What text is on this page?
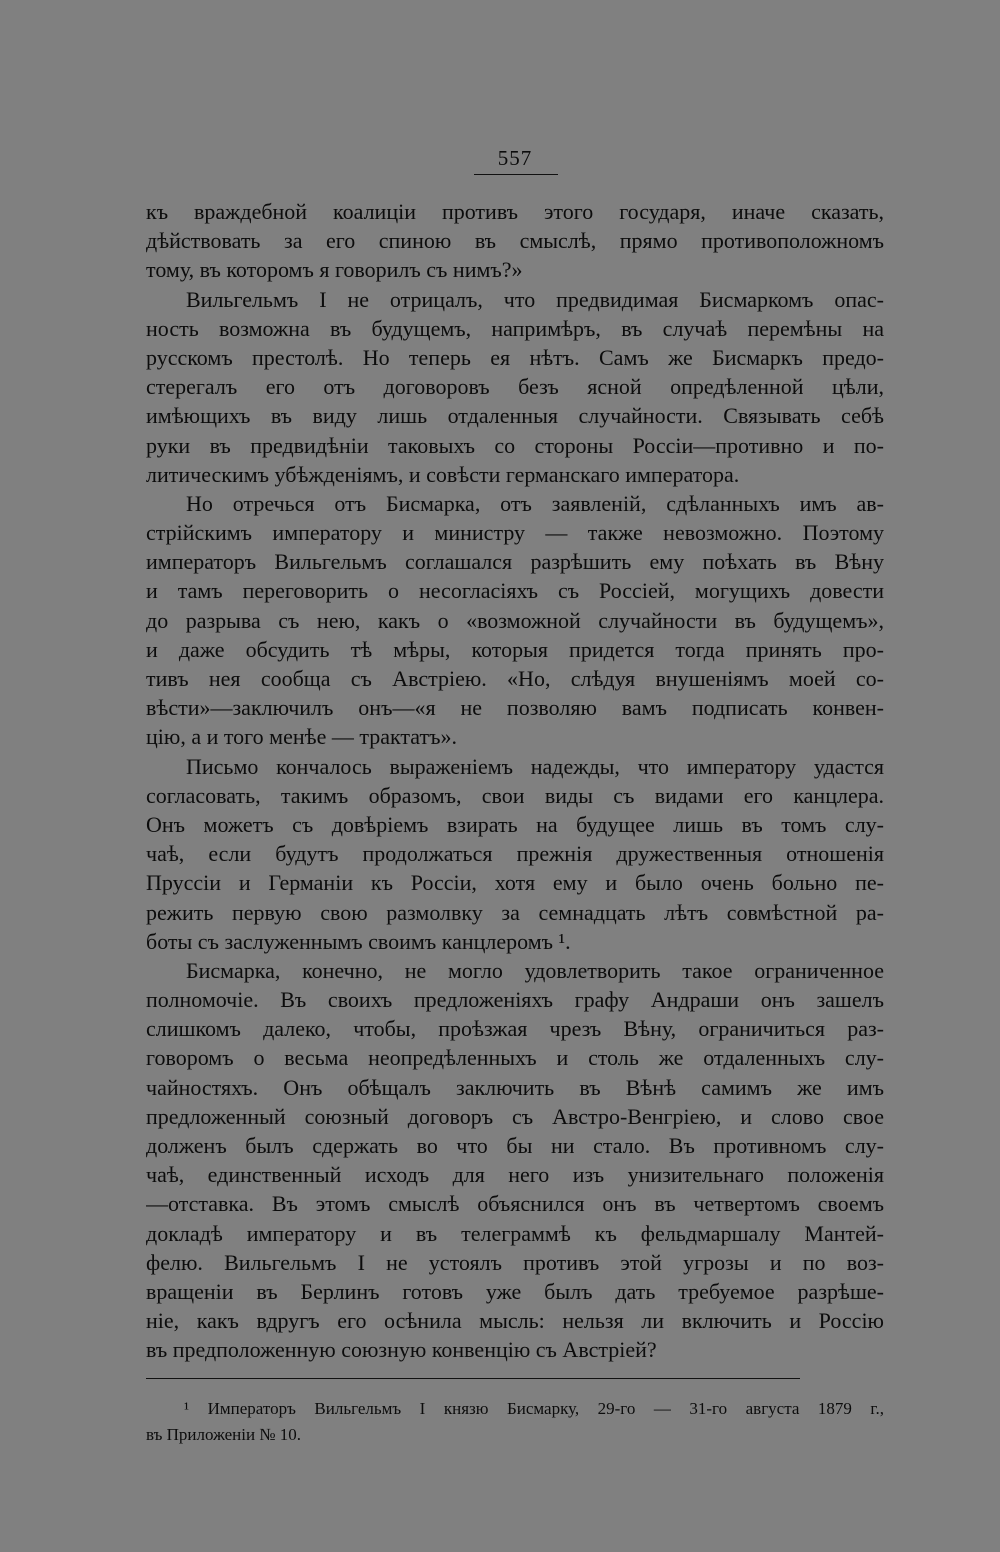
557
къ враждебной коалицiи противъ этого государя, иначе сказать,
дѣйствовать за его спиною въ смыслѣ, прямо противоположномъ
тому, въ которомъ я говорилъ съ нимъ?»
Вильгельмъ I не отрицалъ, что предвидимая Бисмаркомъ опас-
ность возможна въ будущемъ, напримѣръ, въ случаѣ перемѣны на
русскомъ престолѣ. Но теперь ея нѣтъ. Самъ же Бисмаркъ предо-
стерегалъ его отъ договоровъ безъ ясной опредѣленной цѣли,
имѣющихъ въ виду лишь отдаленныя случайности. Связывать себѣ
руки въ предвидѣнiи таковыхъ со стороны Россiи—противно и по-
литическимъ убѣжденiямъ, и совѣсти германскаго императора.
Но отречься отъ Бисмарка, отъ заявленiй, сдѣланныхъ имъ ав-
стрiйскимъ императору и министру — также невозможно. Поэтому
императоръ Вильгельмъ соглашался разрѣшить ему поѣхать въ Вѣну
и тамъ переговорить о несогласiяхъ съ Россiей, могущихъ довести
до разрыва съ нею, какъ о «возможной случайности въ будущемъ»,
и даже обсудить тѣ мѣры, которыя придется тогда принять про-
тивъ нея сообща съ Австрiею. «Но, слѣдуя внушенiямъ моей со-
вѣсти»—заключилъ онъ—«я не позволяю вамъ подписать конвен-
цiю, а и того менѣе — трактатъ».
Письмо кончалось выраженiемъ надежды, что императору удастся
согласовать, такимъ образомъ, свои виды съ видами его канцлера.
Онъ можетъ съ довѣрiемъ взирать на будущее лишь въ томъ слу-
чаѣ, если будутъ продолжаться прежнiя дружественныя отношенiя
Пруссiи и Германiи къ Россiи, хотя ему и было очень больно пе-
режить первую свою размолвку за семнадцать лѣтъ совмѣстной ра-
боты съ заслуженнымъ своимъ канцлеромъ ¹.
Бисмарка, конечно, не могло удовлетворить такое ограниченное
полномочiе. Въ своихъ предложенiяхъ графу Андраши онъ зашелъ
слишкомъ далеко, чтобы, проѣзжая чрезъ Вѣну, ограничиться раз-
говоромъ о весьма неопредѣленныхъ и столь же отдаленныхъ слу-
чайностяхъ. Онъ обѣщалъ заключить въ Вѣнѣ самимъ же имъ
предложенный союзный договоръ съ Австро-Венгрiею, и слово свое
долженъ былъ сдержать во что бы ни стало. Въ противномъ слу-
чаѣ, единственный исходъ для него изъ унизительнаго положенiя
—отставка. Въ этомъ смыслѣ объяснился онъ въ четвертомъ своемъ
докладѣ императору и въ телеграммѣ къ фельдмаршалу Мантей-
фелю. Вильгельмъ I не устоялъ противъ этой угрозы и по воз-
вращенiи въ Берлинъ готовъ уже былъ дать требуемое разрѣше-
нiе, какъ вдругъ его осѣнила мысль: нельзя ли включить и Россiю
въ предположенную союзную конвенцiю съ Австрiей?
¹ Императоръ Вильгельмъ I князю Бисмарку, 29-го — 31-го августа 1879 г.,
въ Приложенiи № 10.
